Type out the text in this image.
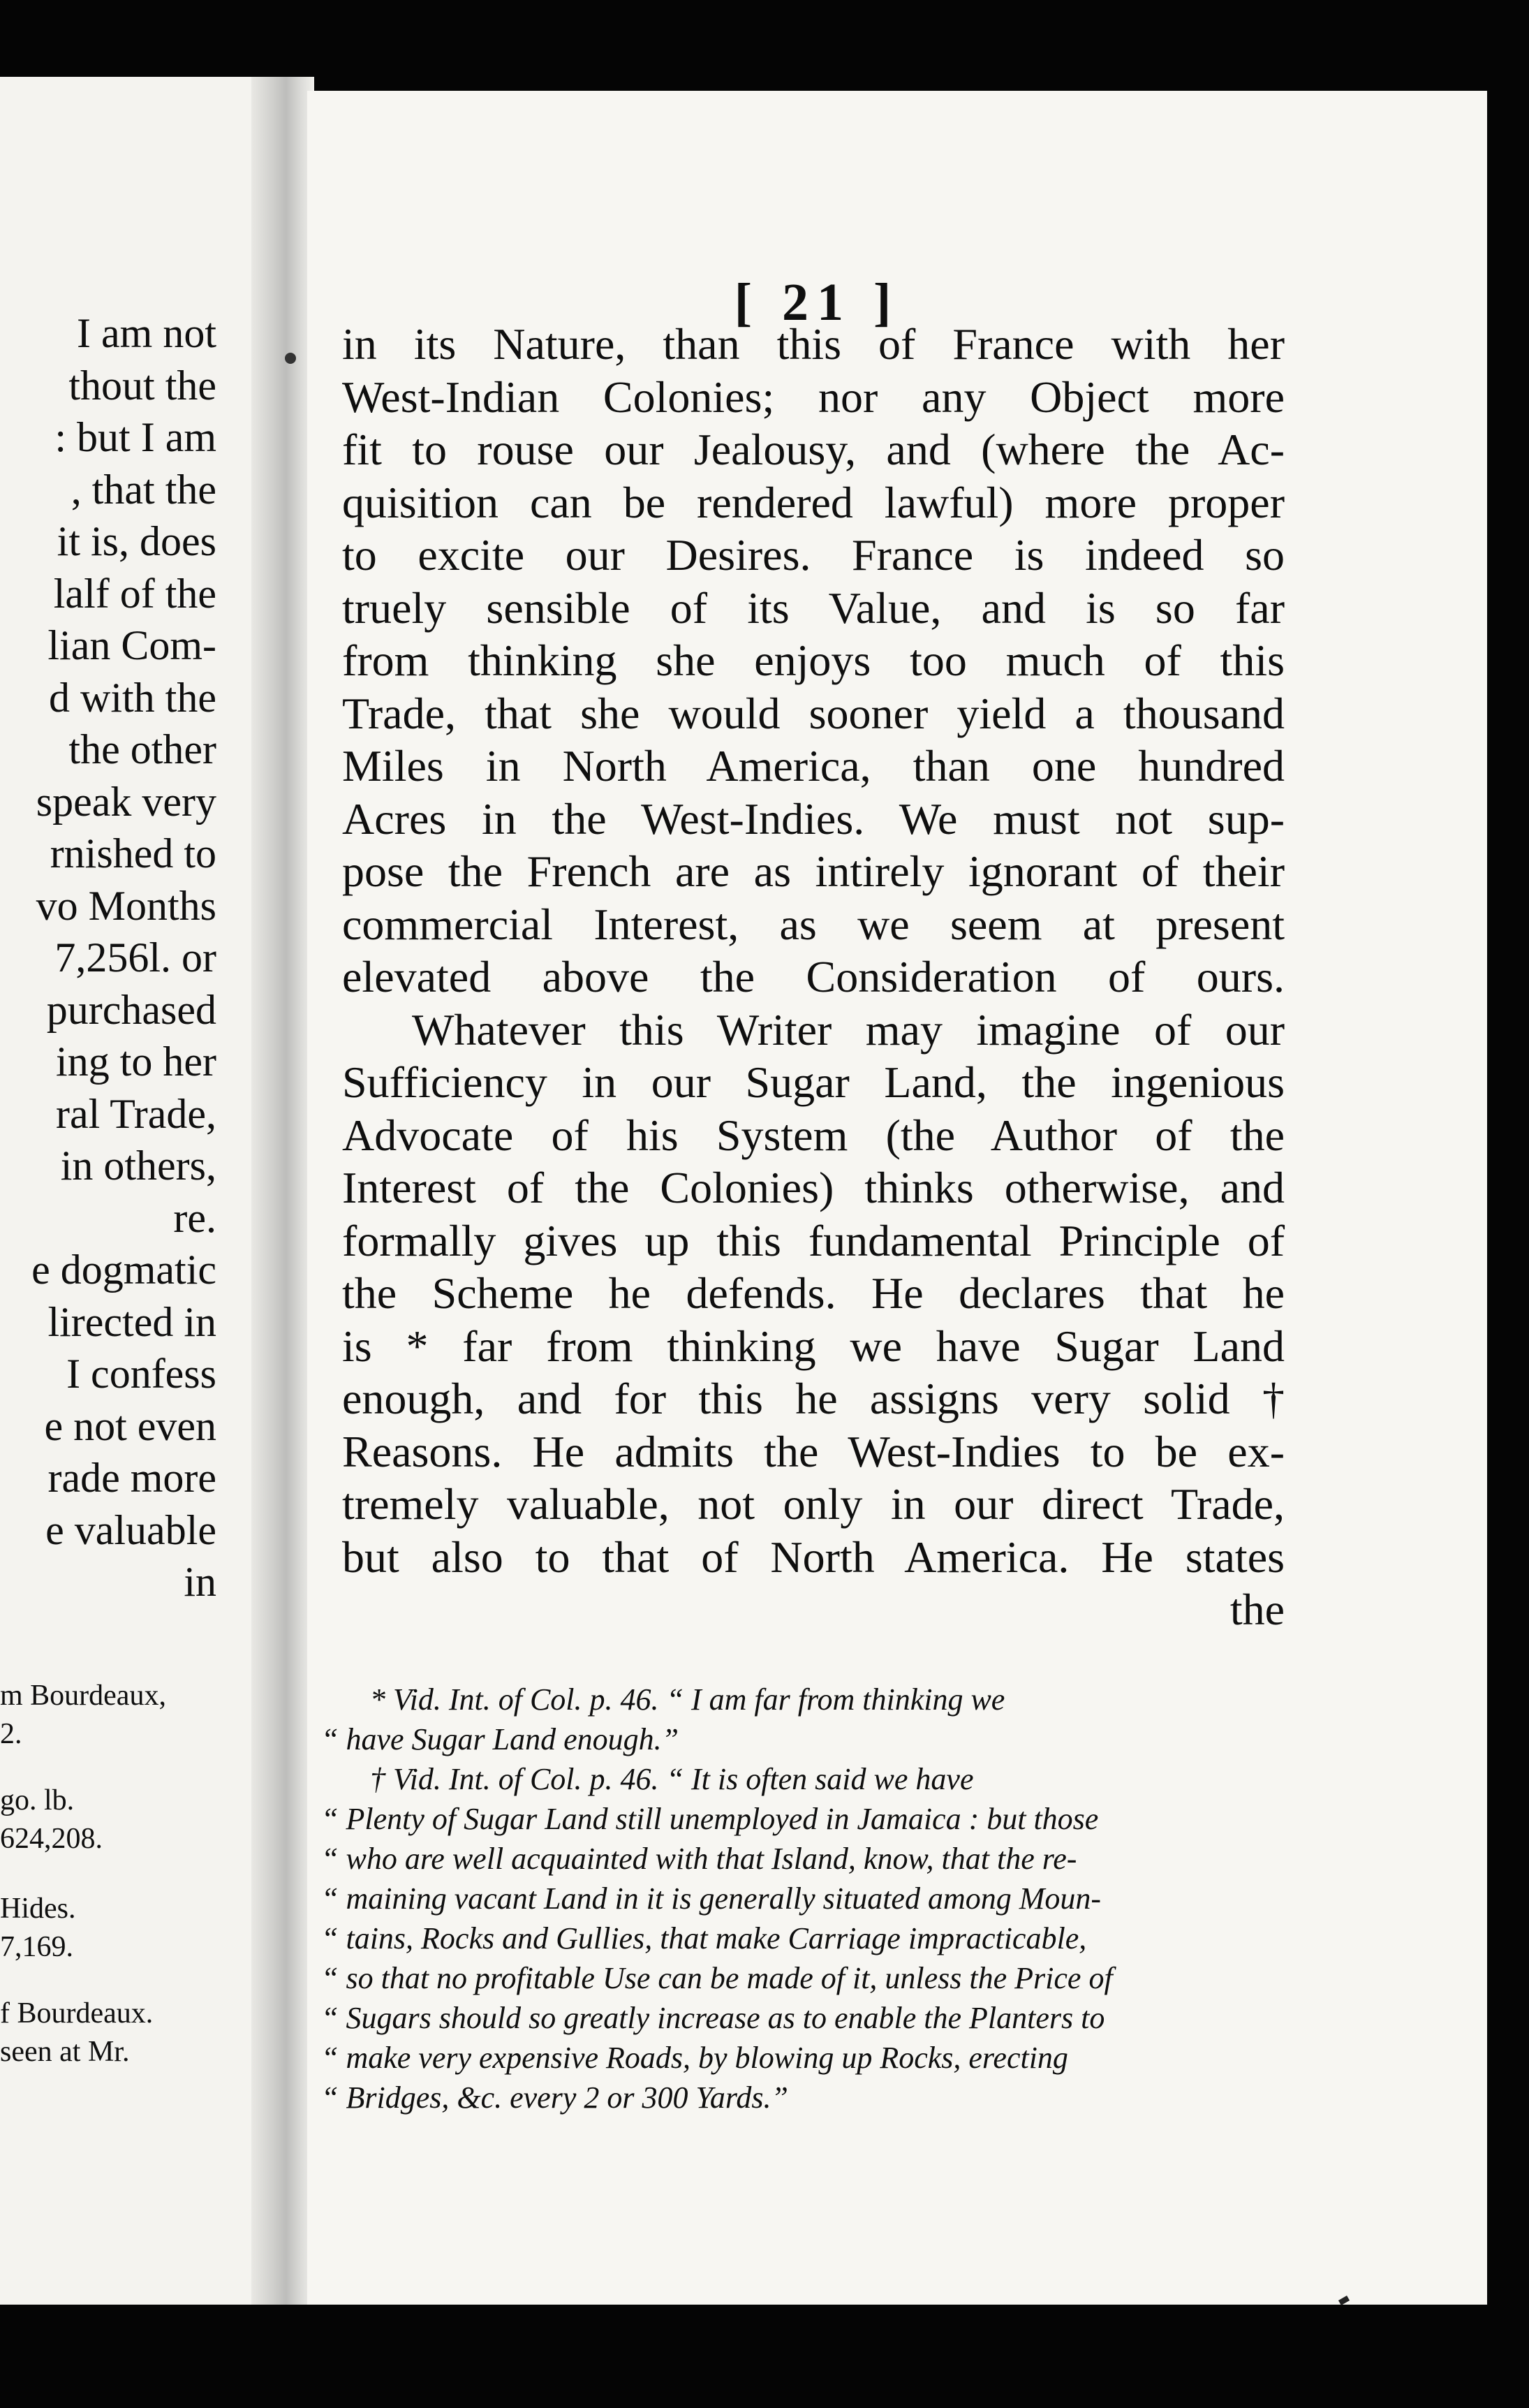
I am not
thout the
: but I am
, that the
it is, does
lalf of the
lian Com-
d with the
the other
speak very
rnished to
vo Months
7,256l. or
purchased
ing to her
ral Trade,
in others,
re.
e dogmatic
lirected in
I confess
e not even
rade more
e valuable
in
m Bourdeaux,
2.
go. lb.
624,208.
Hides.
7,169.
f Bourdeaux.
seen at Mr.
[ 21 ]
in its Nature, than this of France with her
West-Indian Colonies; nor any Object more
fit to rouse our Jealousy, and (where the Ac-
quisition can be rendered lawful) more proper
to excite our Desires. France is indeed so
truely sensible of its Value, and is so far
from thinking she enjoys too much of this
Trade, that she would sooner yield a thousand
Miles in North America, than one hundred
Acres in the West-Indies. We must not sup-
pose the French are as intirely ignorant of their
commercial Interest, as we seem at present
elevated above the Consideration of ours.
Whatever this Writer may imagine of our
Sufficiency in our Sugar Land, the ingenious
Advocate of his System (the Author of the
Interest of the Colonies) thinks otherwise, and
formally gives up this fundamental Principle of
the Scheme he defends. He declares that he
is * far from thinking we have Sugar Land
enough, and for this he assigns very solid †
Reasons. He admits the West-Indies to be ex-
tremely valuable, not only in our direct Trade,
but also to that of North America. He states
the
* Vid. Int. of Col. p. 46. “ I am far from thinking we
“ have Sugar Land enough.”
† Vid. Int. of Col. p. 46. “ It is often said we have
“ Plenty of Sugar Land still unemployed in Jamaica : but those
“ who are well acquainted with that Island, know, that the re-
“ maining vacant Land in it is generally situated among Moun-
“ tains, Rocks and Gullies, that make Carriage impracticable,
“ so that no profitable Use can be made of it, unless the Price of
“ Sugars should so greatly increase as to enable the Planters to
“ make very expensive Roads, by blowing up Rocks, erecting
“ Bridges, &c. every 2 or 300 Yards.”
